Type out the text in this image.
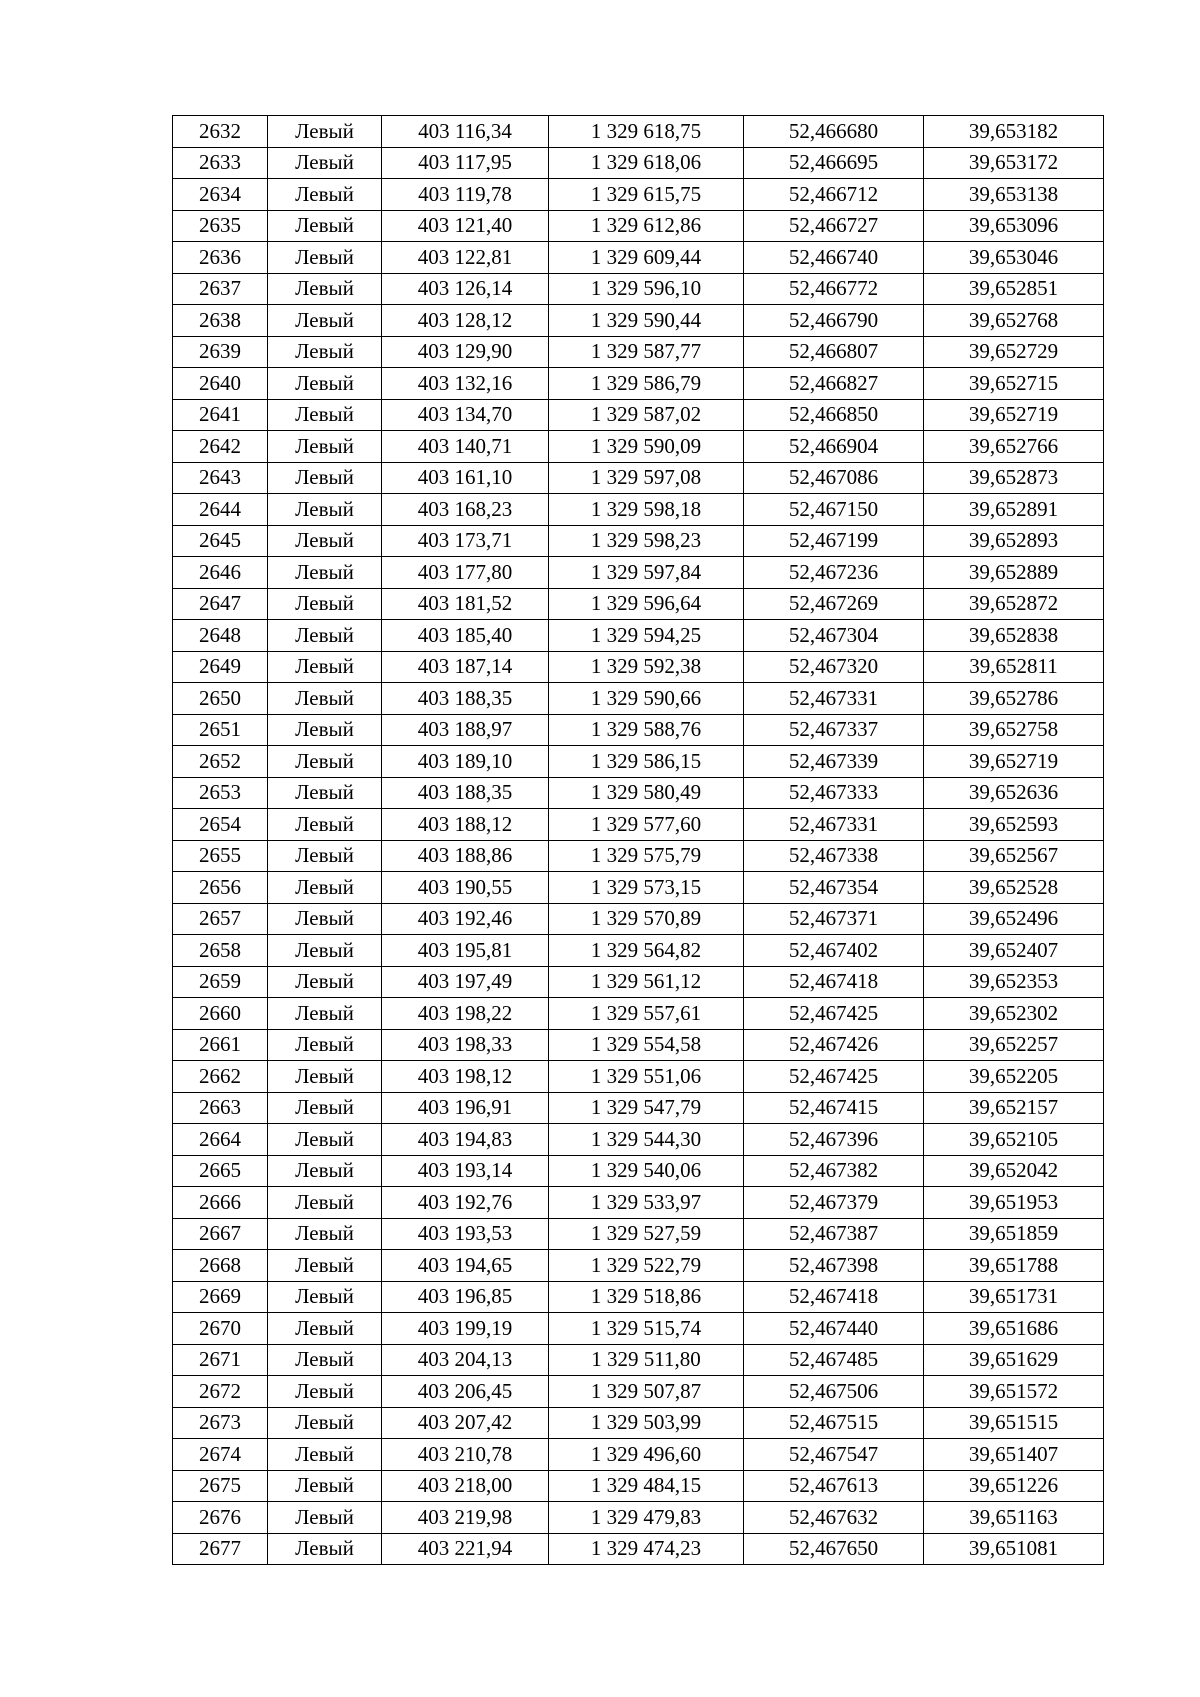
2632	Левый	403 116,34	1 329 618,75	52,466680	39,653182
2633	Левый	403 117,95	1 329 618,06	52,466695	39,653172
2634	Левый	403 119,78	1 329 615,75	52,466712	39,653138
2635	Левый	403 121,40	1 329 612,86	52,466727	39,653096
2636	Левый	403 122,81	1 329 609,44	52,466740	39,653046
2637	Левый	403 126,14	1 329 596,10	52,466772	39,652851
2638	Левый	403 128,12	1 329 590,44	52,466790	39,652768
2639	Левый	403 129,90	1 329 587,77	52,466807	39,652729
2640	Левый	403 132,16	1 329 586,79	52,466827	39,652715
2641	Левый	403 134,70	1 329 587,02	52,466850	39,652719
2642	Левый	403 140,71	1 329 590,09	52,466904	39,652766
2643	Левый	403 161,10	1 329 597,08	52,467086	39,652873
2644	Левый	403 168,23	1 329 598,18	52,467150	39,652891
2645	Левый	403 173,71	1 329 598,23	52,467199	39,652893
2646	Левый	403 177,80	1 329 597,84	52,467236	39,652889
2647	Левый	403 181,52	1 329 596,64	52,467269	39,652872
2648	Левый	403 185,40	1 329 594,25	52,467304	39,652838
2649	Левый	403 187,14	1 329 592,38	52,467320	39,652811
2650	Левый	403 188,35	1 329 590,66	52,467331	39,652786
2651	Левый	403 188,97	1 329 588,76	52,467337	39,652758
2652	Левый	403 189,10	1 329 586,15	52,467339	39,652719
2653	Левый	403 188,35	1 329 580,49	52,467333	39,652636
2654	Левый	403 188,12	1 329 577,60	52,467331	39,652593
2655	Левый	403 188,86	1 329 575,79	52,467338	39,652567
2656	Левый	403 190,55	1 329 573,15	52,467354	39,652528
2657	Левый	403 192,46	1 329 570,89	52,467371	39,652496
2658	Левый	403 195,81	1 329 564,82	52,467402	39,652407
2659	Левый	403 197,49	1 329 561,12	52,467418	39,652353
2660	Левый	403 198,22	1 329 557,61	52,467425	39,652302
2661	Левый	403 198,33	1 329 554,58	52,467426	39,652257
2662	Левый	403 198,12	1 329 551,06	52,467425	39,652205
2663	Левый	403 196,91	1 329 547,79	52,467415	39,652157
2664	Левый	403 194,83	1 329 544,30	52,467396	39,652105
2665	Левый	403 193,14	1 329 540,06	52,467382	39,652042
2666	Левый	403 192,76	1 329 533,97	52,467379	39,651953
2667	Левый	403 193,53	1 329 527,59	52,467387	39,651859
2668	Левый	403 194,65	1 329 522,79	52,467398	39,651788
2669	Левый	403 196,85	1 329 518,86	52,467418	39,651731
2670	Левый	403 199,19	1 329 515,74	52,467440	39,651686
2671	Левый	403 204,13	1 329 511,80	52,467485	39,651629
2672	Левый	403 206,45	1 329 507,87	52,467506	39,651572
2673	Левый	403 207,42	1 329 503,99	52,467515	39,651515
2674	Левый	403 210,78	1 329 496,60	52,467547	39,651407
2675	Левый	403 218,00	1 329 484,15	52,467613	39,651226
2676	Левый	403 219,98	1 329 479,83	52,467632	39,651163
2677	Левый	403 221,94	1 329 474,23	52,467650	39,651081
